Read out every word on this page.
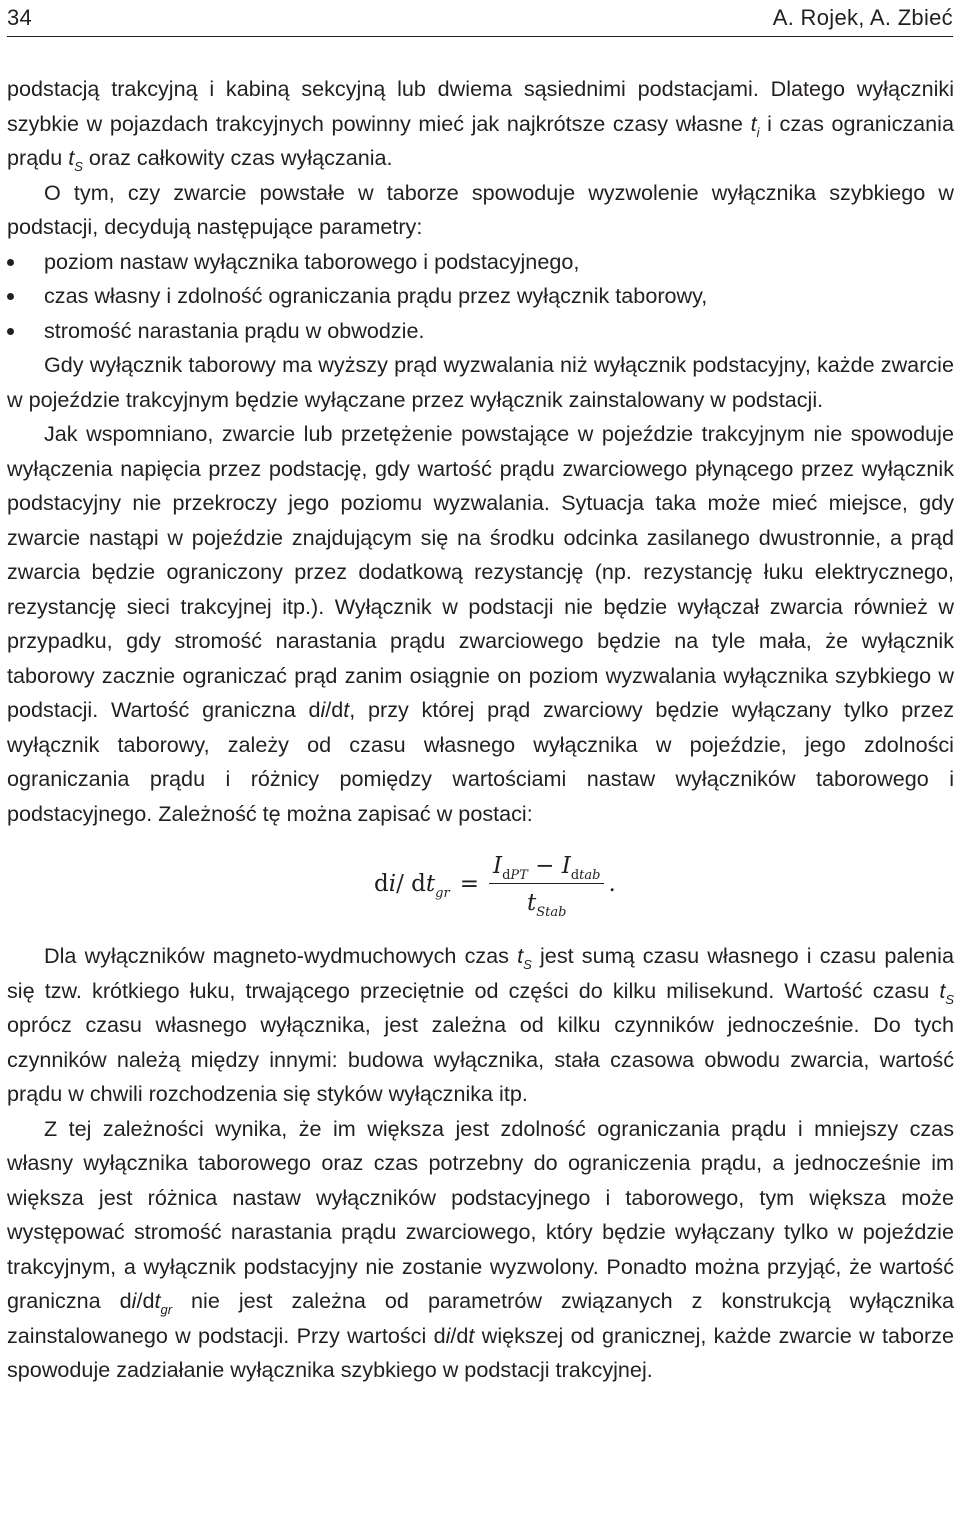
34	A. Rojek, A. Zbieć

podstacją trakcyjną i kabiną sekcyjną lub dwiema sąsiednimi podstacjami. Dlatego wyłączniki szybkie w pojazdach trakcyjnych powinny mieć jak najkrótsze czasy własne $t_i$ i czas ograniczania prądu $t_S$ oraz całkowity czas wyłączania.

O tym, czy zwarcie powstałe w taborze spowoduje wyzwolenie wyłącznika szybkiego w podstacji, decydują następujące parametry:

poziom nastaw wyłącznika taborowego i podstacyjnego,
czas własny i zdolność ograniczania prądu przez wyłącznik taborowy,
stromość narastania prądu w obwodzie.

Gdy wyłącznik taborowy ma wyższy prąd wyzwalania niż wyłącznik podstacyjny, każde zwarcie w pojeździe trakcyjnym będzie wyłączane przez wyłącznik zainstalowany w podstacji.

Jak wspomniano, zwarcie lub przetężenie powstające w pojeździe trakcyjnym nie spowoduje wyłączenia napięcia przez podstację, gdy wartość prądu zwarciowego płynącego przez wyłącznik podstacyjny nie przekroczy jego poziomu wyzwalania. Sytuacja taka może mieć miejsce, gdy zwarcie nastąpi w pojeździe znajdującym się na środku odcinka zasilanego dwustronnie, a prąd zwarcia będzie ograniczony przez dodatkową rezystancję (np. rezystancję łuku elektrycznego, rezystancję sieci trakcyjnej itp.). Wyłącznik w podstacji nie będzie wyłączał zwarcia również w przypadku, gdy stromość narastania prądu zwarciowego będzie na tyle mała, że wyłącznik taborowy zacznie ograniczać prąd zanim osiągnie on poziom wyzwalania wyłącznika szybkiego w podstacji. Wartość graniczna di/dt, przy której prąd zwarciowy będzie wyłączany tylko przez wyłącznik taborowy, zależy od czasu własnego wyłącznika w pojeździe, jego zdolności ograniczania prądu i różnicy pomiędzy wartościami nastaw wyłączników taborowego i podstacyjnego. Zależność tę można zapisać w postaci:

di/ $dt_{gr} = \frac{I_{dPT} - I_{dtab}}{t_{Stab}}$ .

Dla wyłączników magneto-wydmuchowych czas $t_S$ jest sumą czasu własnego i czasu palenia się tzw. krótkiego łuku, trwającego przeciętnie od części do kilku milisekund. Wartość czasu $t_S$ oprócz czasu własnego wyłącznika, jest zależna od kilku czynników jednocześnie. Do tych czynników należą między innymi: budowa wyłącznika, stała czasowa obwodu zwarcia, wartość prądu w chwili rozchodzenia się styków wyłącznika itp.

Z tej zależności wynika, że im większa jest zdolność ograniczania prądu i mniejszy czas własny wyłącznika taborowego oraz czas potrzebny do ograniczenia prądu, a jednocześnie im większa jest różnica nastaw wyłączników podstacyjnego i taborowego, tym większa może występować stromość narastania prądu zwarciowego, który będzie wyłączany tylko w pojeździe trakcyjnym, a wyłącznik podstacyjny nie zostanie wyzwolony. Ponadto można przyjąć, że wartość graniczna $di/dt_{gr}$ nie jest zależna od parametrów związanych z konstrukcją wyłącznika zainstalowanego w podstacji. Przy wartości di/dt większej od granicznej, każde zwarcie w taborze spowoduje zadziałanie wyłącznika szybkiego w podstacji trakcyjnej.
